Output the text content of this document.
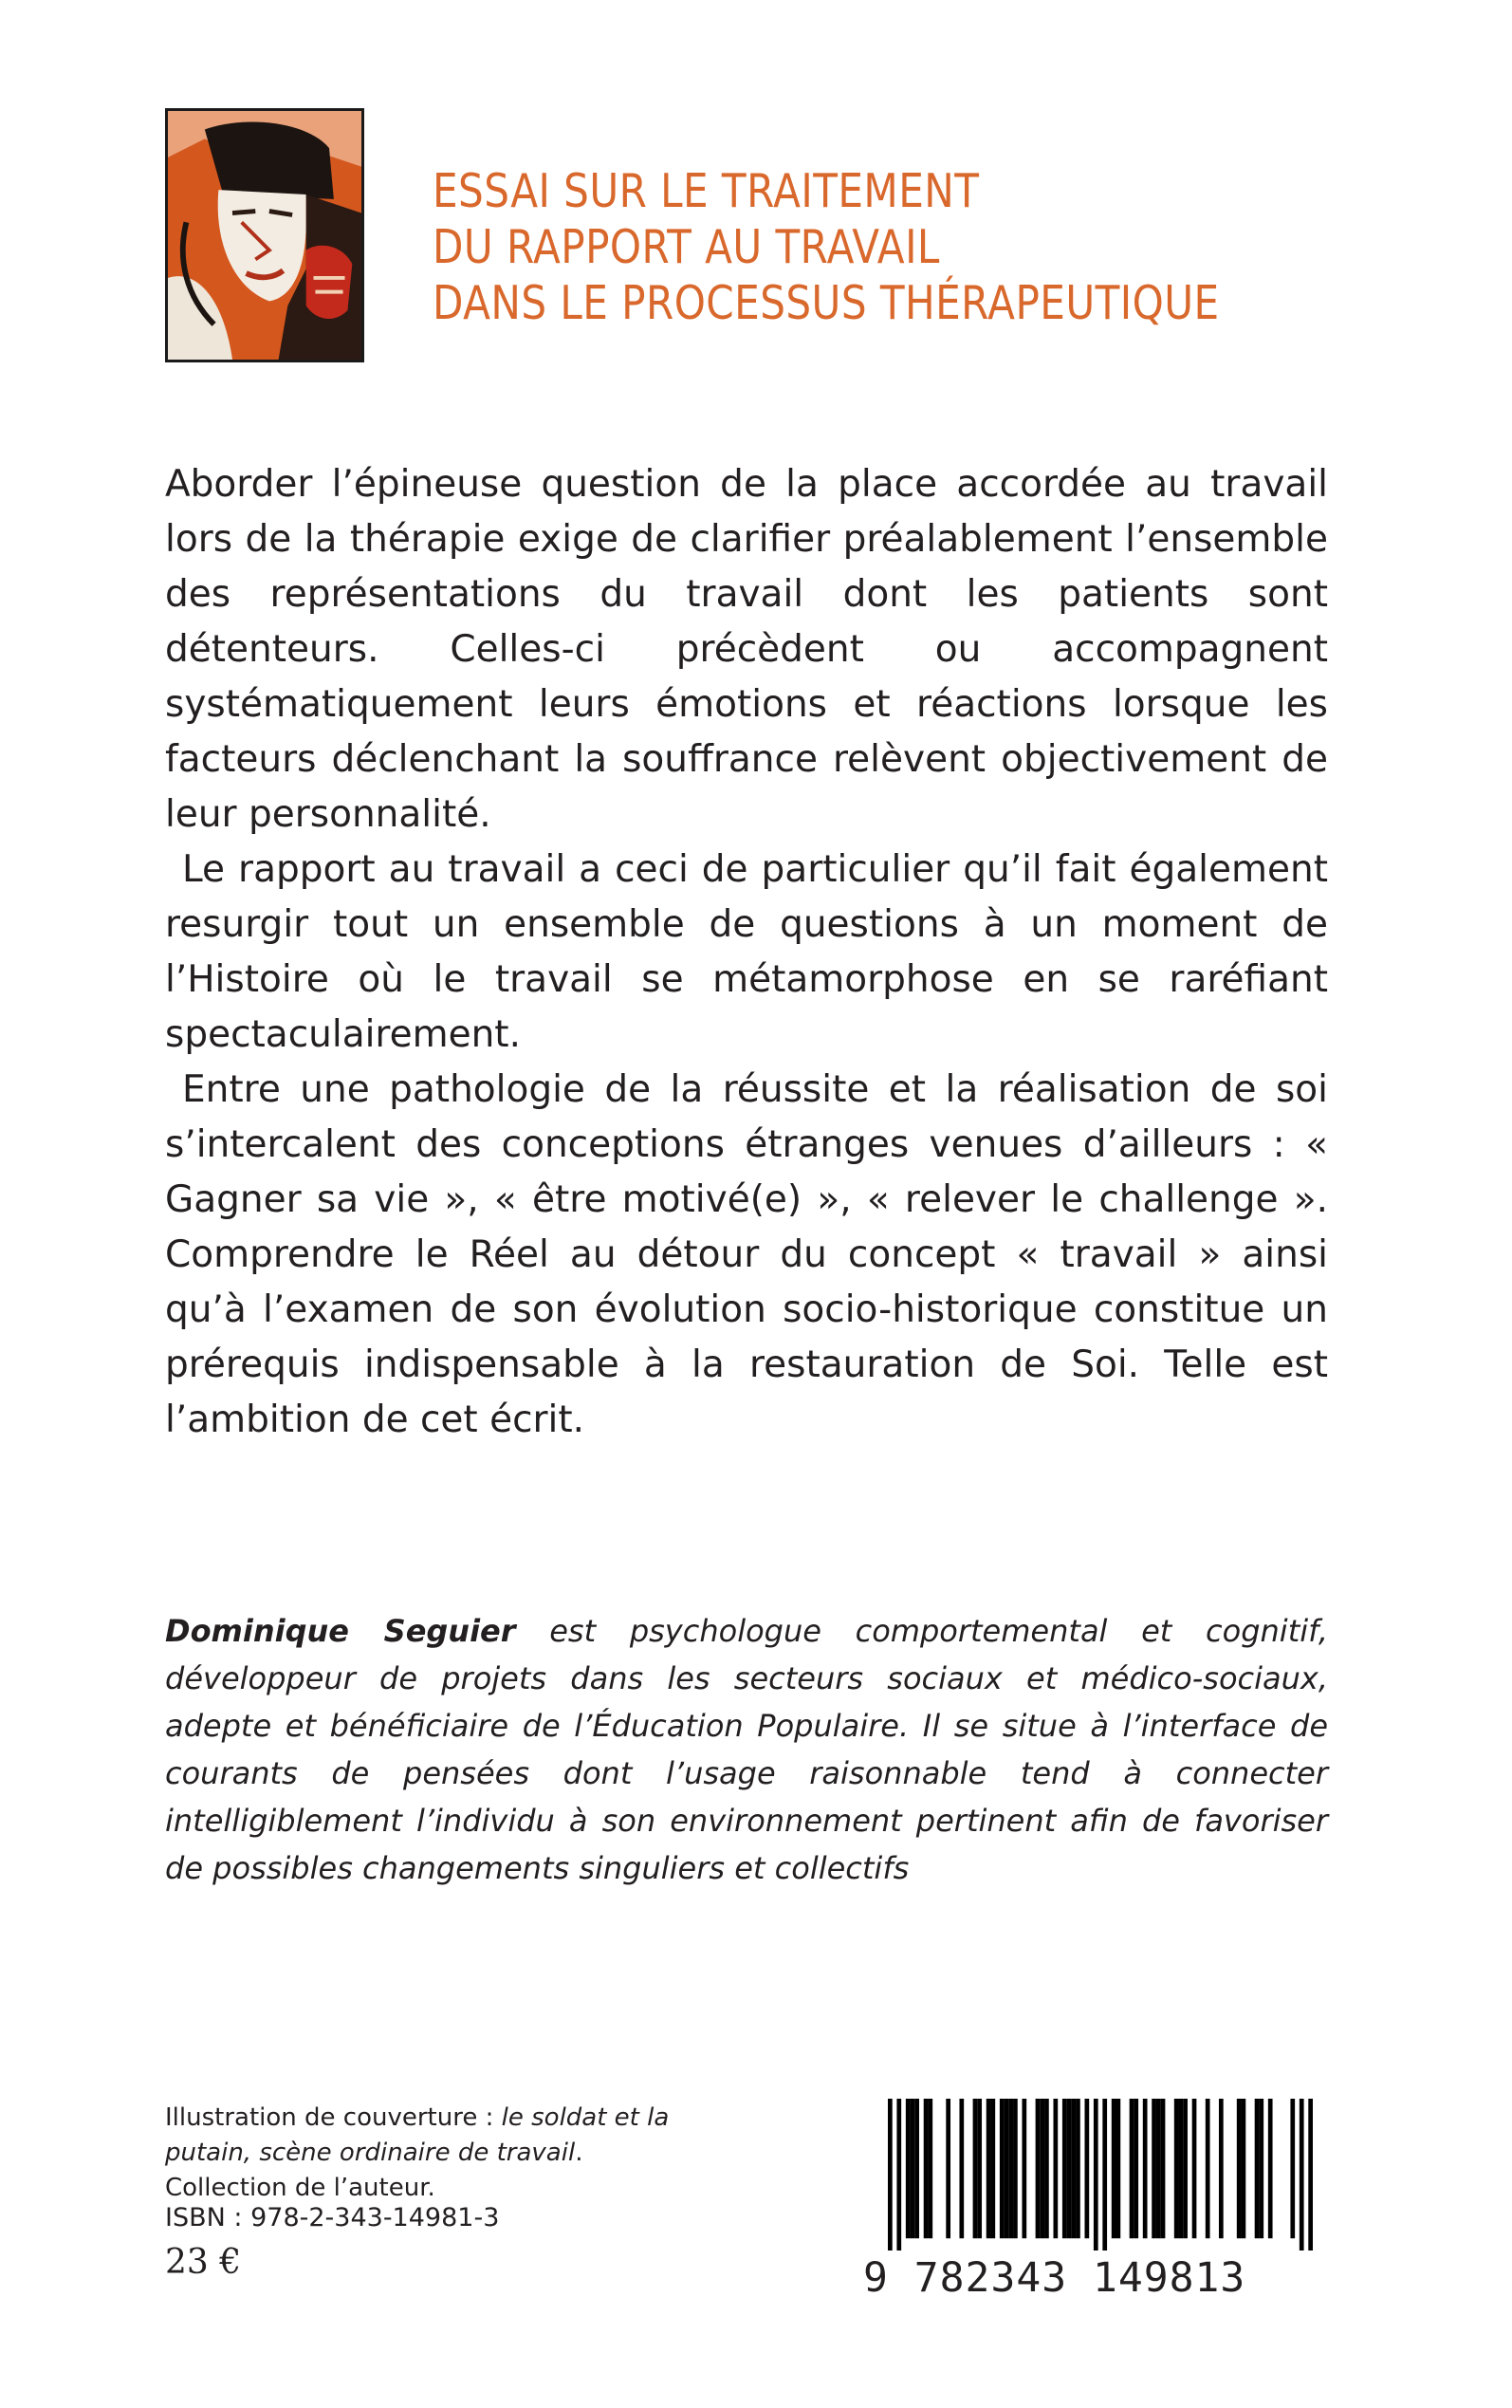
ESSAI SUR LE TRAITEMENT
DU RAPPORT AU TRAVAIL
DANS LE PROCESSUS THÉRAPEUTIQUE

Aborder l’épineuse question de la place accordée au travail lors de la thérapie exige de clarifier préalablement l’ensemble des représentations du travail dont les patients sont détenteurs. Celles-ci précèdent ou accompagnent systématiquement leurs émotions et réactions lorsque les facteurs déclenchant la souffrance relèvent objectivement de leur personnalité.

Le rapport au travail a ceci de particulier qu’il fait également resurgir tout un ensemble de questions à un moment de l’Histoire où le travail se métamorphose en se raréfiant spectaculairement.

Entre une pathologie de la réussite et la réalisation de soi s’intercalent des conceptions étranges venues d’ailleurs : « Gagner sa vie », « être motivé(e) », « relever le challenge ». Comprendre le Réel au détour du concept « travail » ainsi qu’à l’examen de son évolution socio-historique constitue un prérequis indispensable à la restauration de Soi. Telle est l’ambition de cet écrit.

Dominique Seguier est psychologue comportemental et cognitif, développeur de projets dans les secteurs sociaux et médico-sociaux, adepte et bénéficiaire de l’Éducation Populaire. Il se situe à l’interface de courants de pensées dont l’usage raisonnable tend à connecter intelligiblement l’individu à son environnement pertinent afin de favoriser de possibles changements singuliers et collectifs
Illustration de couverture : le soldat et la putain, scène ordinaire de travail. Collection de l’auteur.
ISBN : 978-2-343-14981-3
23 €	9 782343 149813
